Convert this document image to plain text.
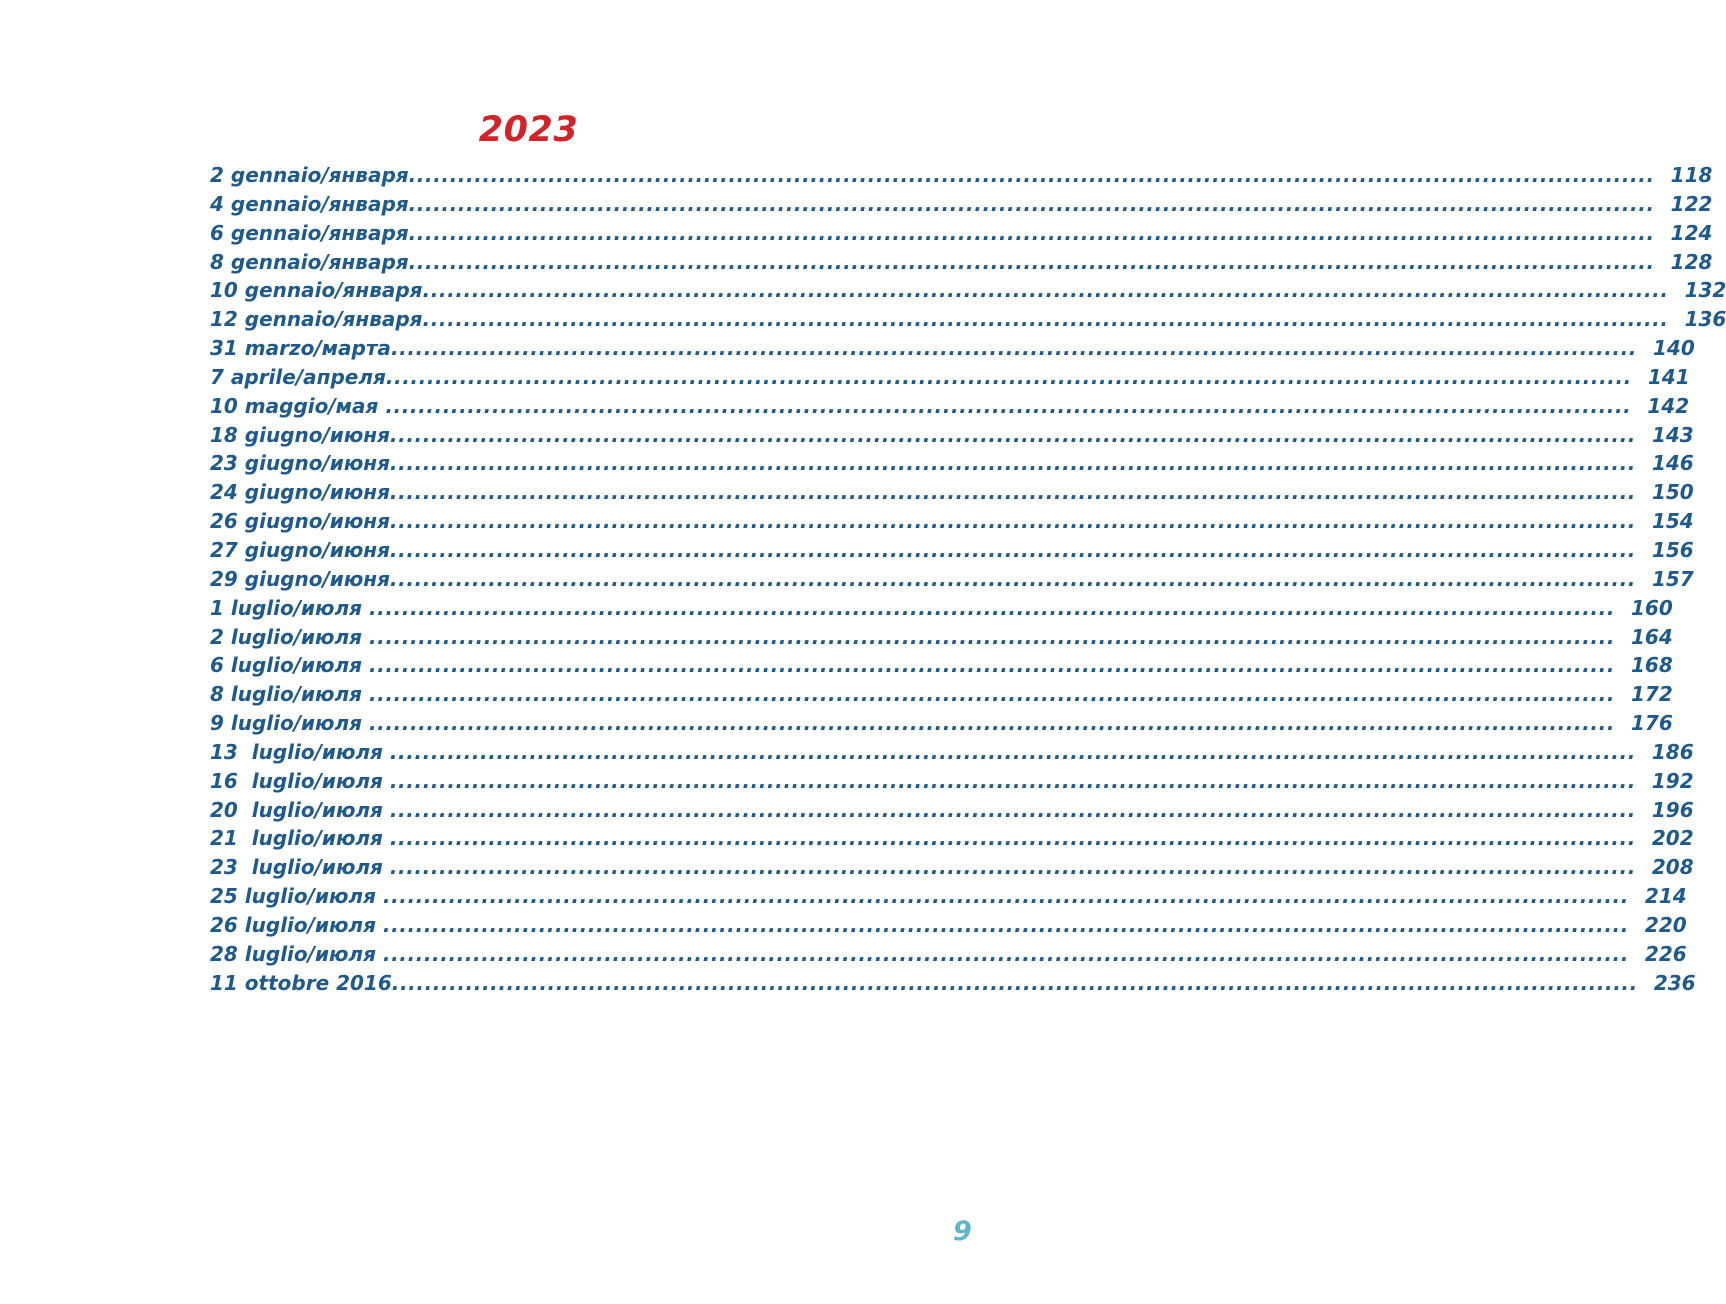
2023
2 gennaio/января ........................................................................................................................................................ 118
4 gennaio/января ........................................................................................................................................................ 122
6 gennaio/января ........................................................................................................................................................ 124
8 gennaio/января ........................................................................................................................................................ 128
10 gennaio/января ........................................................................................................................................................ 132
12 gennaio/января ........................................................................................................................................................ 136
31 marzo/марта ........................................................................................................................................................ 140
7 aprile/апреля ........................................................................................................................................................ 141
10 maggio/мая ........................................................................................................................................................ 142
18 giugno/июня ........................................................................................................................................................ 143
23 giugno/июня ........................................................................................................................................................ 146
24 giugno/июня ........................................................................................................................................................ 150
26 giugno/июня ........................................................................................................................................................ 154
27 giugno/июня ........................................................................................................................................................ 156
29 giugno/июня ........................................................................................................................................................ 157
1 luglio/июля ........................................................................................................................................................ 160
2 luglio/июля ........................................................................................................................................................ 164
6 luglio/июля ........................................................................................................................................................ 168
8 luglio/июля ........................................................................................................................................................ 172
9 luglio/июля ........................................................................................................................................................ 176
13  luglio/июля ........................................................................................................................................................ 186
16  luglio/июля ........................................................................................................................................................ 192
20  luglio/июля ........................................................................................................................................................ 196
21  luglio/июля ........................................................................................................................................................ 202
23  luglio/июля ........................................................................................................................................................ 208
25 luglio/июля ........................................................................................................................................................ 214
26 luglio/июля ........................................................................................................................................................ 220
28 luglio/июля ........................................................................................................................................................ 226
11 ottobre 2016 ........................................................................................................................................................ 236
9
